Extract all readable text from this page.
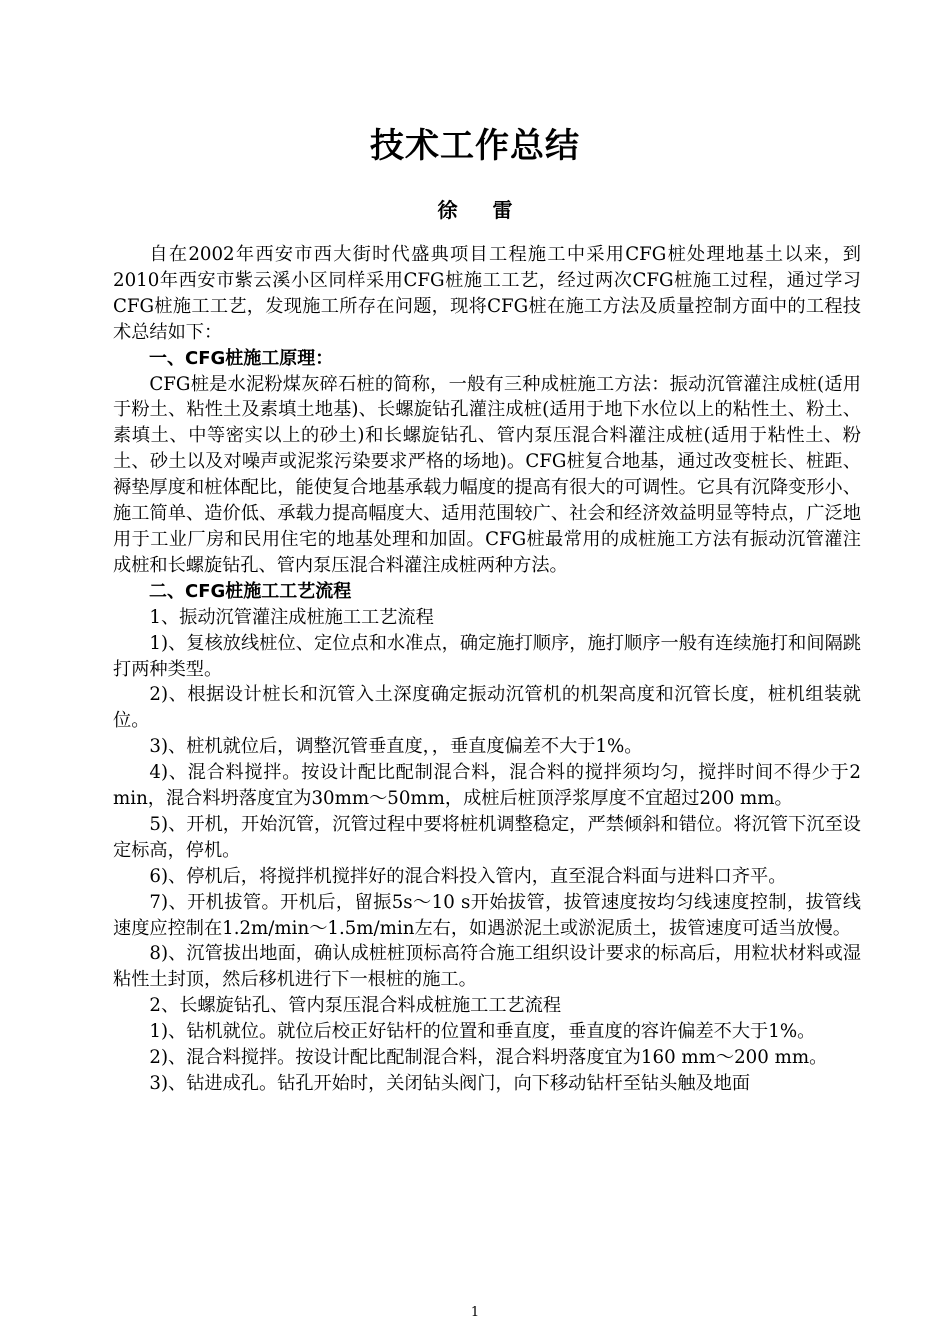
技术工作总结
徐 雷

自在2002年西安市西大街时代盛典项目工程施工中采用CFG桩处理地基土以来，到2010年西安市紫云溪小区同样采用CFG桩施工工艺，经过两次CFG桩施工过程，通过学习CFG桩施工工艺，发现施工所存在问题，现将CFG桩在施工方法及质量控制方面中的工程技术总结如下：

一、CFG桩施工原理：

CFG桩是水泥粉煤灰碎石桩的简称，一般有三种成桩施工方法：振动沉管灌注成桩(适用于粉土、粘性土及素填土地基)、长螺旋钻孔灌注成桩(适用于地下水位以上的粘性土、粉土、素填土、中等密实以上的砂土)和长螺旋钻孔、管内泵压混合料灌注成桩(适用于粘性土、粉土、砂土以及对噪声或泥浆污染要求严格的场地)。CFG桩复合地基，通过改变桩长、桩距、褥垫厚度和桩体配比，能使复合地基承载力幅度的提高有很大的可调性。它具有沉降变形小、施工简单、造价低、承载力提高幅度大、适用范围较广、社会和经济效益明显等特点，广泛地用于工业厂房和民用住宅的地基处理和加固。CFG桩最常用的成桩施工方法有振动沉管灌注成桩和长螺旋钻孔、管内泵压混合料灌注成桩两种方法。

二、CFG桩施工工艺流程

1、振动沉管灌注成桩施工工艺流程

1)、复核放线桩位、定位点和水准点，确定施打顺序，施打顺序一般有连续施打和间隔跳打两种类型。

2)、根据设计桩长和沉管入土深度确定振动沉管机的机架高度和沉管长度，桩机组装就位。

3)、桩机就位后，调整沉管垂直度，，垂直度偏差不大于1%。

4)、混合料搅拌。按设计配比配制混合料，混合料的搅拌须均匀，搅拌时间不得少于2 min，混合料坍落度宜为30mm～50mm，成桩后桩顶浮浆厚度不宜超过200 mm。

5)、开机，开始沉管，沉管过程中要将桩机调整稳定，严禁倾斜和错位。将沉管下沉至设定标高，停机。

6)、停机后，将搅拌机搅拌好的混合料投入管内，直至混合料面与进料口齐平。

7)、开机拔管。开机后，留振5s～10 s开始拔管，拔管速度按均匀线速度控制，拔管线速度应控制在1.2m/min～1.5m/min左右，如遇淤泥土或淤泥质土，拔管速度可适当放慢。

8)、沉管拔出地面，确认成桩桩顶标高符合施工组织设计要求的标高后，用粒状材料或湿粘性土封顶，然后移机进行下一根桩的施工。

2、长螺旋钻孔、管内泵压混合料成桩施工工艺流程

1)、钻机就位。就位后校正好钻杆的位置和垂直度，垂直度的容许偏差不大于1%。

2)、混合料搅拌。按设计配比配制混合料，混合料坍落度宜为160 mm～200 mm。

3)、钻进成孔。钻孔开始时，关闭钻头阀门，向下移动钻杆至钻头触及地面

1
